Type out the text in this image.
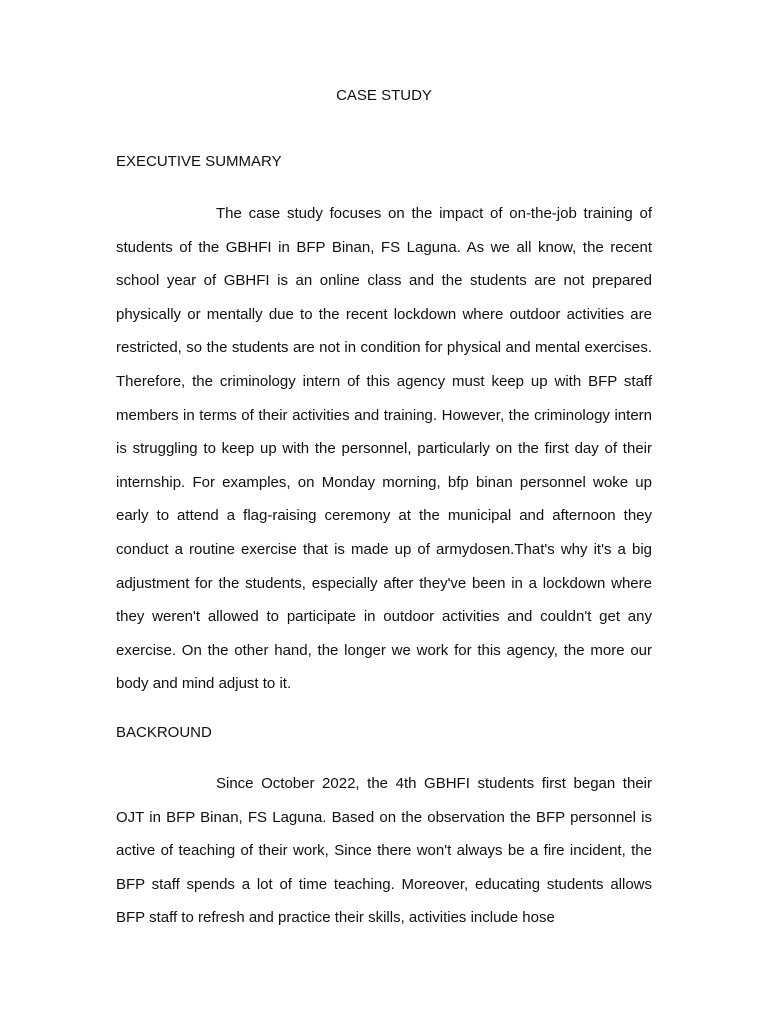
CASE STUDY
EXECUTIVE SUMMARY

The case study focuses on the impact of on-the-job training of students of the GBHFI in BFP Binan, FS Laguna. As we all know, the recent school year of GBHFI is an online class and the students are not prepared physically or mentally due to the recent lockdown where outdoor activities are restricted, so the students are not in condition for physical and mental exercises. Therefore, the criminology intern of this agency must keep up with BFP staff members in terms of their activities and training. However, the criminology intern is struggling to keep up with the personnel, particularly on the first day of their internship. For examples, on Monday morning, bfp binan personnel woke up early to attend a flag-raising ceremony at the municipal and afternoon they conduct a routine exercise that is made up of armydosen.That's why it's a big adjustment for the students, especially after they've been in a lockdown where they weren't allowed to participate in outdoor activities and couldn't get any exercise. On the other hand, the longer we work for this agency, the more our body and mind adjust to it.

BACKROUND

Since October 2022, the 4th GBHFI students first began their OJT in BFP Binan, FS Laguna. Based on the observation the BFP personnel is active of teaching of their work, Since there won't always be a fire incident, the BFP staff spends a lot of time teaching. Moreover, educating students allows BFP staff to refresh and practice their skills, activities include hose
